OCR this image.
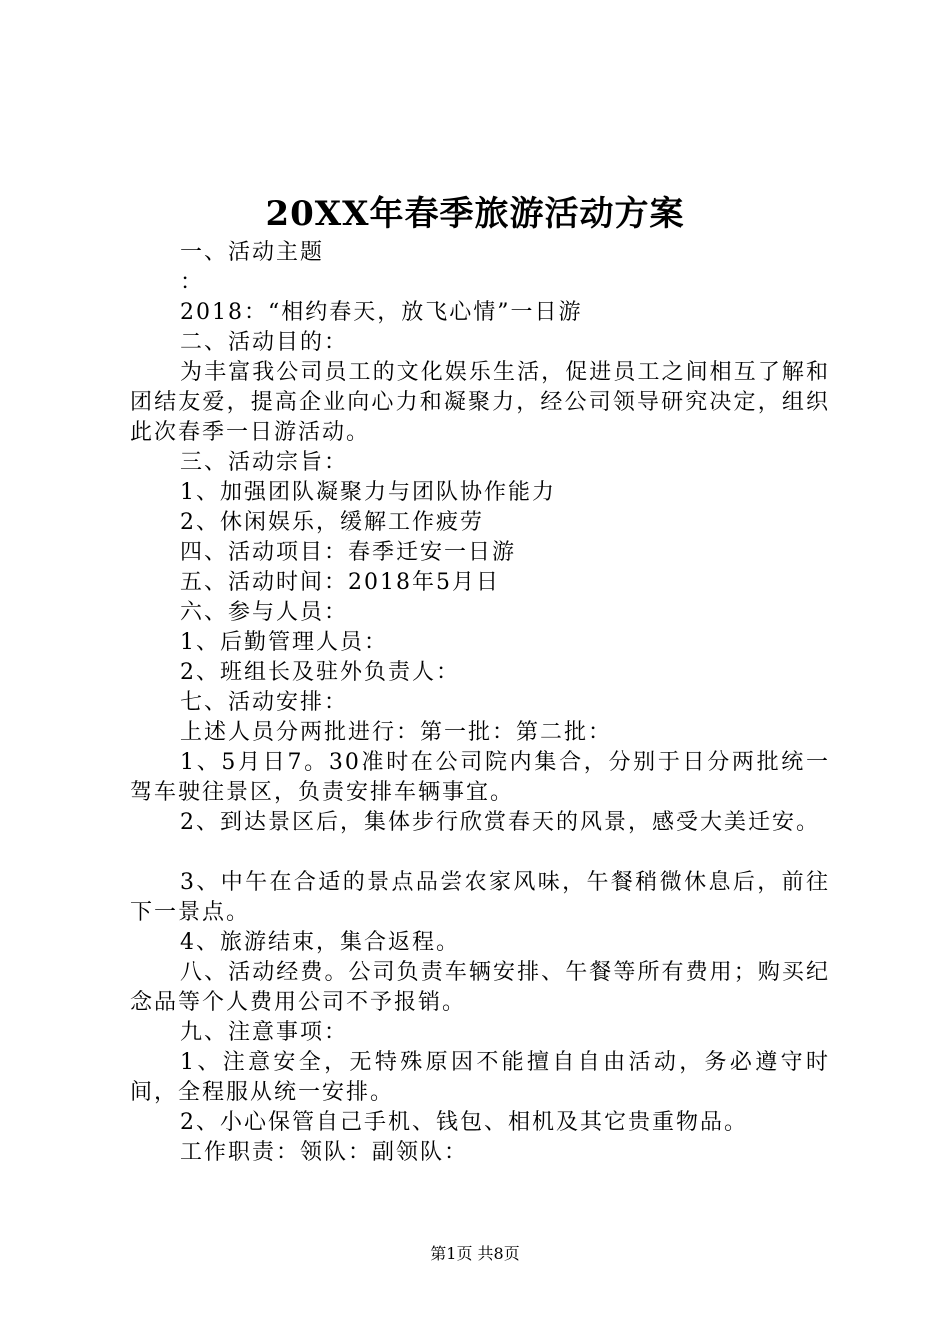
20XX年春季旅游活动方案

一、活动主题

：

2018：“相约春天，放飞心情”一日游

二、活动目的：

为丰富我公司员工的文化娱乐生活，促进员工之间相互了解和团结友爱，提高企业向心力和凝聚力，经公司领导研究决定，组织此次春季一日游活动。

三、活动宗旨：

1、加强团队凝聚力与团队协作能力

2、休闲娱乐，缓解工作疲劳

四、活动项目：春季迁安一日游

五、活动时间：2018年5月日

六、参与人员：

1、后勤管理人员：

2、班组长及驻外负责人：

七、活动安排：

上述人员分两批进行：第一批：第二批：

1、5月日7。30准时在公司院内集合，分别于日分两批统一驾车驶往景区，负责安排车辆事宜。

2、到达景区后，集体步行欣赏春天的风景，感受大美迁安。

3、中午在合适的景点品尝农家风味，午餐稍微休息后，前往下一景点。

4、旅游结束，集合返程。

八、活动经费。公司负责车辆安排、午餐等所有费用；购买纪念品等个人费用公司不予报销。

九、注意事项：

1、注意安全，无特殊原因不能擅自自由活动，务必遵守时间，全程服从统一安排。

2、小心保管自己手机、钱包、相机及其它贵重物品。

工作职责：领队：副领队：

第1页 共8页
